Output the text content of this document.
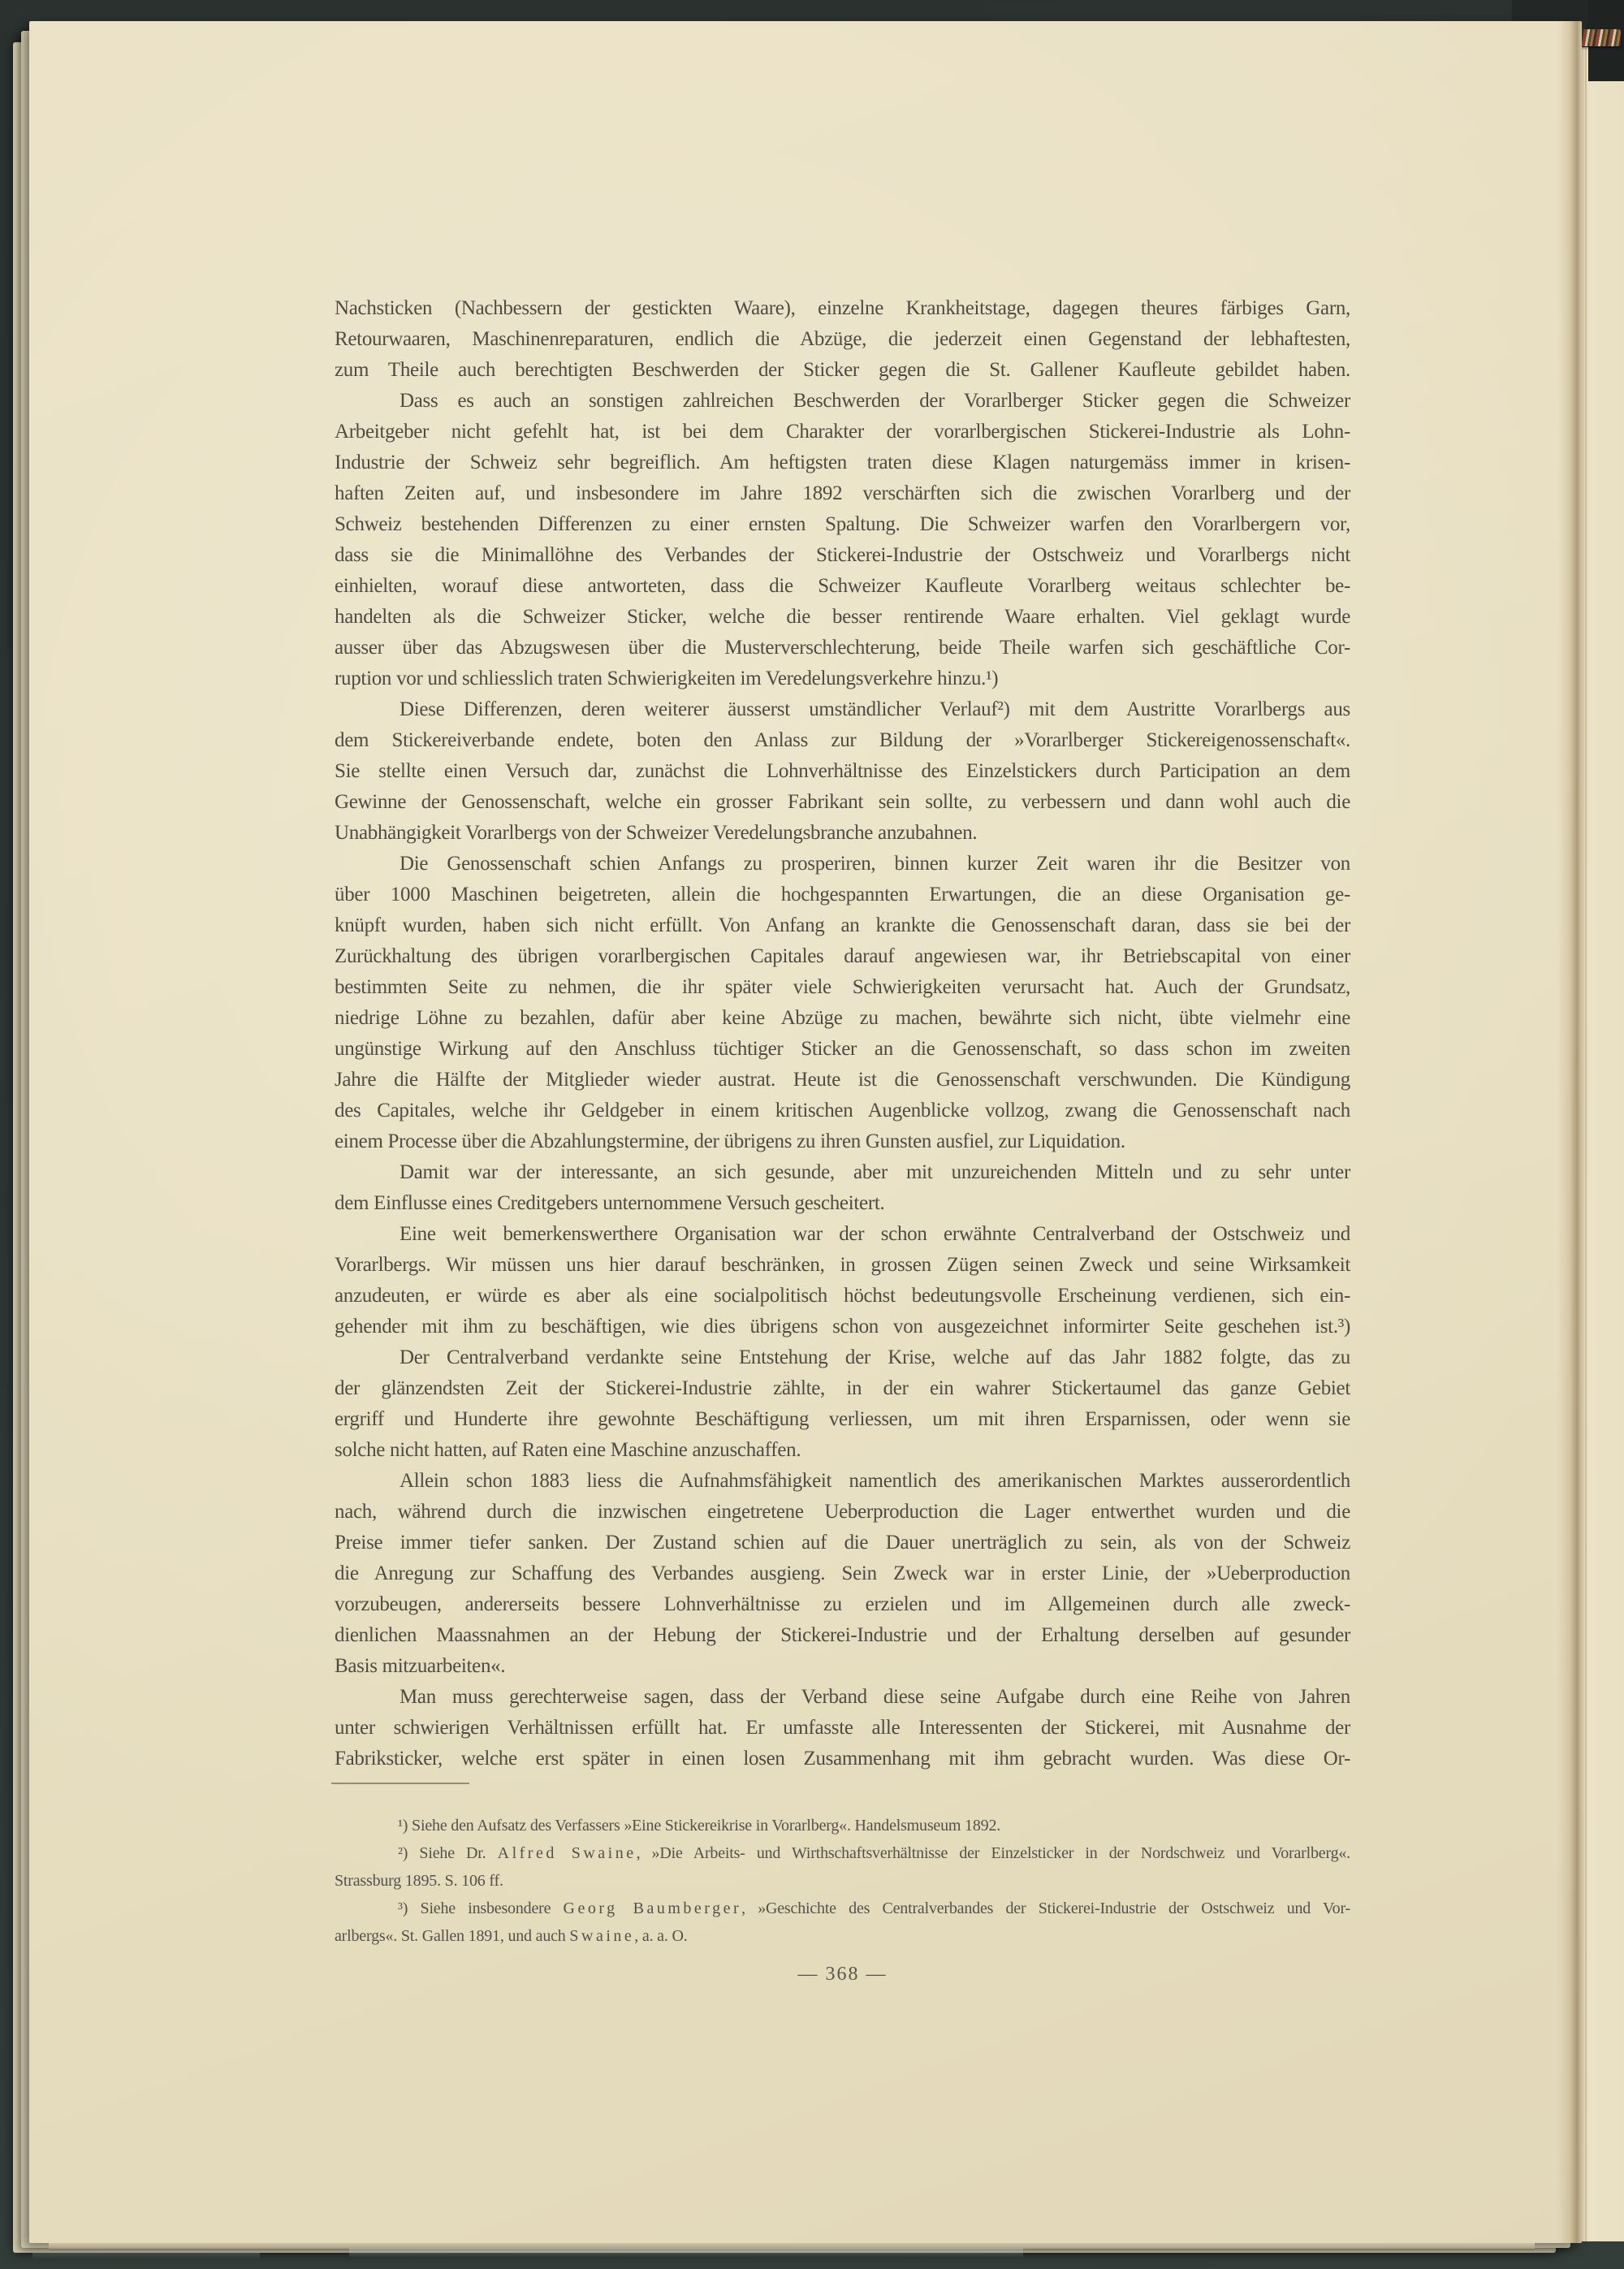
Nachsticken (Nachbessern der gestickten Waare), einzelne Krankheitstage, dagegen theures färbiges Garn,
Retourwaaren, Maschinenreparaturen, endlich die Abzüge, die jederzeit einen Gegenstand der lebhaftesten,
zum Theile auch berechtigten Beschwerden der Sticker gegen die St. Gallener Kaufleute gebildet haben.
Dass es auch an sonstigen zahlreichen Beschwerden der Vorarlberger Sticker gegen die Schweizer
Arbeitgeber nicht gefehlt hat, ist bei dem Charakter der vorarlbergischen Stickerei-Industrie als Lohn-
Industrie der Schweiz sehr begreiflich. Am heftigsten traten diese Klagen naturgemäss immer in krisen-
haften Zeiten auf, und insbesondere im Jahre 1892 verschärften sich die zwischen Vorarlberg und der
Schweiz bestehenden Differenzen zu einer ernsten Spaltung. Die Schweizer warfen den Vorarlbergern vor,
dass sie die Minimallöhne des Verbandes der Stickerei-Industrie der Ostschweiz und Vorarlbergs nicht
einhielten, worauf diese antworteten, dass die Schweizer Kaufleute Vorarlberg weitaus schlechter be-
handelten als die Schweizer Sticker, welche die besser rentirende Waare erhalten. Viel geklagt wurde
ausser über das Abzugswesen über die Musterverschlechterung, beide Theile warfen sich geschäftliche Cor-
ruption vor und schliesslich traten Schwierigkeiten im Veredelungsverkehre hinzu.¹)
Diese Differenzen, deren weiterer äusserst umständlicher Verlauf²) mit dem Austritte Vorarlbergs aus
dem Stickereiverbande endete, boten den Anlass zur Bildung der »Vorarlberger Stickereigenossenschaft«.
Sie stellte einen Versuch dar, zunächst die Lohnverhältnisse des Einzelstickers durch Participation an dem
Gewinne der Genossenschaft, welche ein grosser Fabrikant sein sollte, zu verbessern und dann wohl auch die
Unabhängigkeit Vorarlbergs von der Schweizer Veredelungsbranche anzubahnen.
Die Genossenschaft schien Anfangs zu prosperiren, binnen kurzer Zeit waren ihr die Besitzer von
über 1000 Maschinen beigetreten, allein die hochgespannten Erwartungen, die an diese Organisation ge-
knüpft wurden, haben sich nicht erfüllt. Von Anfang an krankte die Genossenschaft daran, dass sie bei der
Zurückhaltung des übrigen vorarlbergischen Capitales darauf angewiesen war, ihr Betriebscapital von einer
bestimmten Seite zu nehmen, die ihr später viele Schwierigkeiten verursacht hat. Auch der Grundsatz,
niedrige Löhne zu bezahlen, dafür aber keine Abzüge zu machen, bewährte sich nicht, übte vielmehr eine
ungünstige Wirkung auf den Anschluss tüchtiger Sticker an die Genossenschaft, so dass schon im zweiten
Jahre die Hälfte der Mitglieder wieder austrat. Heute ist die Genossenschaft verschwunden. Die Kündigung
des Capitales, welche ihr Geldgeber in einem kritischen Augenblicke vollzog, zwang die Genossenschaft nach
einem Processe über die Abzahlungstermine, der übrigens zu ihren Gunsten ausfiel, zur Liquidation.
Damit war der interessante, an sich gesunde, aber mit unzureichenden Mitteln und zu sehr unter
dem Einflusse eines Creditgebers unternommene Versuch gescheitert.
Eine weit bemerkenswerthere Organisation war der schon erwähnte Centralverband der Ostschweiz und
Vorarlbergs. Wir müssen uns hier darauf beschränken, in grossen Zügen seinen Zweck und seine Wirksamkeit
anzudeuten, er würde es aber als eine socialpolitisch höchst bedeutungsvolle Erscheinung verdienen, sich ein-
gehender mit ihm zu beschäftigen, wie dies übrigens schon von ausgezeichnet informirter Seite geschehen ist.³)
Der Centralverband verdankte seine Entstehung der Krise, welche auf das Jahr 1882 folgte, das zu
der glänzendsten Zeit der Stickerei-Industrie zählte, in der ein wahrer Stickertaumel das ganze Gebiet
ergriff und Hunderte ihre gewohnte Beschäftigung verliessen, um mit ihren Ersparnissen, oder wenn sie
solche nicht hatten, auf Raten eine Maschine anzuschaffen.
Allein schon 1883 liess die Aufnahmsfähigkeit namentlich des amerikanischen Marktes ausserordentlich
nach, während durch die inzwischen eingetretene Ueberproduction die Lager entwerthet wurden und die
Preise immer tiefer sanken. Der Zustand schien auf die Dauer unerträglich zu sein, als von der Schweiz
die Anregung zur Schaffung des Verbandes ausgieng. Sein Zweck war in erster Linie, der »Ueberproduction
vorzubeugen, andererseits bessere Lohnverhältnisse zu erzielen und im Allgemeinen durch alle zweck-
dienlichen Maassnahmen an der Hebung der Stickerei-Industrie und der Erhaltung derselben auf gesunder
Basis mitzuarbeiten«.
Man muss gerechterweise sagen, dass der Verband diese seine Aufgabe durch eine Reihe von Jahren
unter schwierigen Verhältnissen erfüllt hat. Er umfasste alle Interessenten der Stickerei, mit Ausnahme der
Fabriksticker, welche erst später in einen losen Zusammenhang mit ihm gebracht wurden. Was diese Or-
¹) Siehe den Aufsatz des Verfassers »Eine Stickereikrise in Vorarlberg«. Handelsmuseum 1892.
²) Siehe Dr. Alfred Swaine, »Die Arbeits- und Wirthschaftsverhältnisse der Einzelsticker in der Nordschweiz und Vorarlberg«.
Strassburg 1895. S. 106 ff.
³) Siehe insbesondere Georg Baumberger, »Geschichte des Centralverbandes der Stickerei-Industrie der Ostschweiz und Vor-
arlbergs«. St. Gallen 1891, und auch Swaine, a. a. O.
— 368 —
